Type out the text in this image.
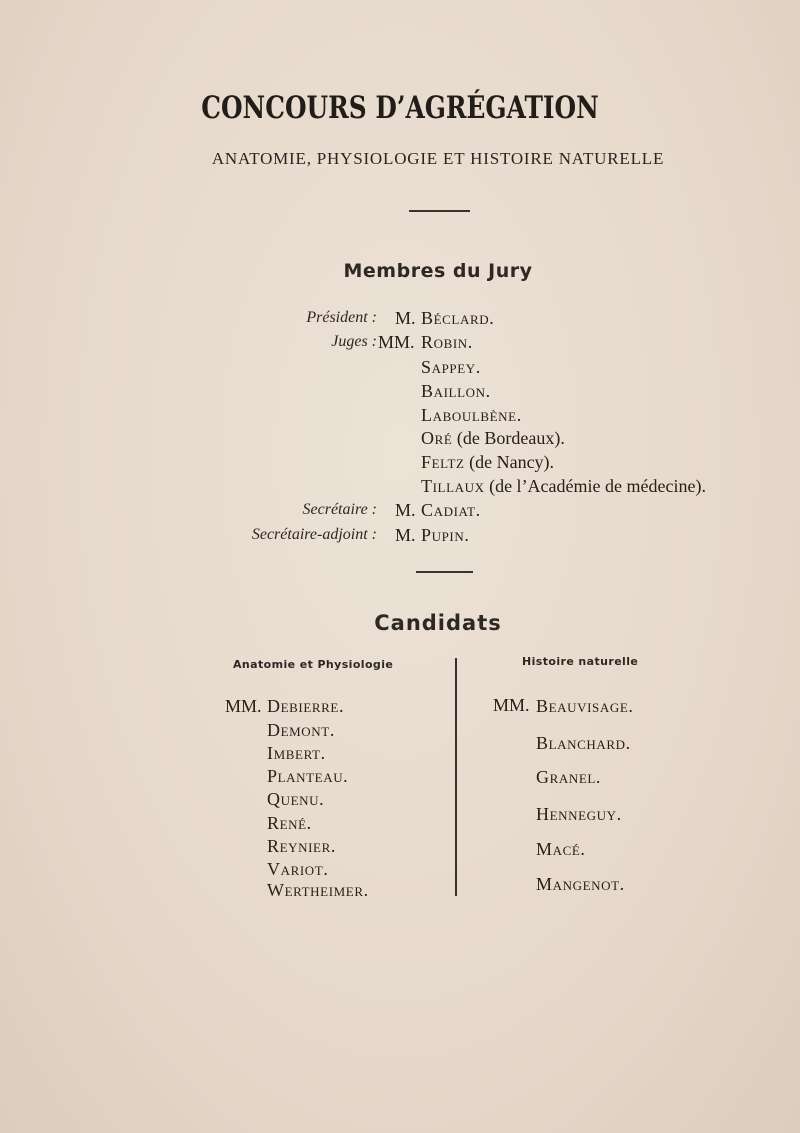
CONCOURS D’AGRÉGATION
ANATOMIE, PHYSIOLOGIE ET HISTOIRE NATURELLE
Membres du Jury
Président : M. Béclard.
Juges : MM. Robin.
Sappey.
Baillon.
Laboulbène.
Oré (de Bordeaux).
Feltz (de Nancy).
Tillaux (de l’Académie de médecine).
Secrétaire : M. Cadiat.
Secrétaire-adjoint : M. Pupin.
Candidats
Anatomie et Physiologie	Histoire naturelle
MM. Debierre.
Demont.
Imbert.
Planteau.
Quenu.
René.
Reynier.
Variot.
Wertheimer.
MM. Beauvisage.
Blanchard.
Granel.
Henneguy.
Macé.
Mangenot.
